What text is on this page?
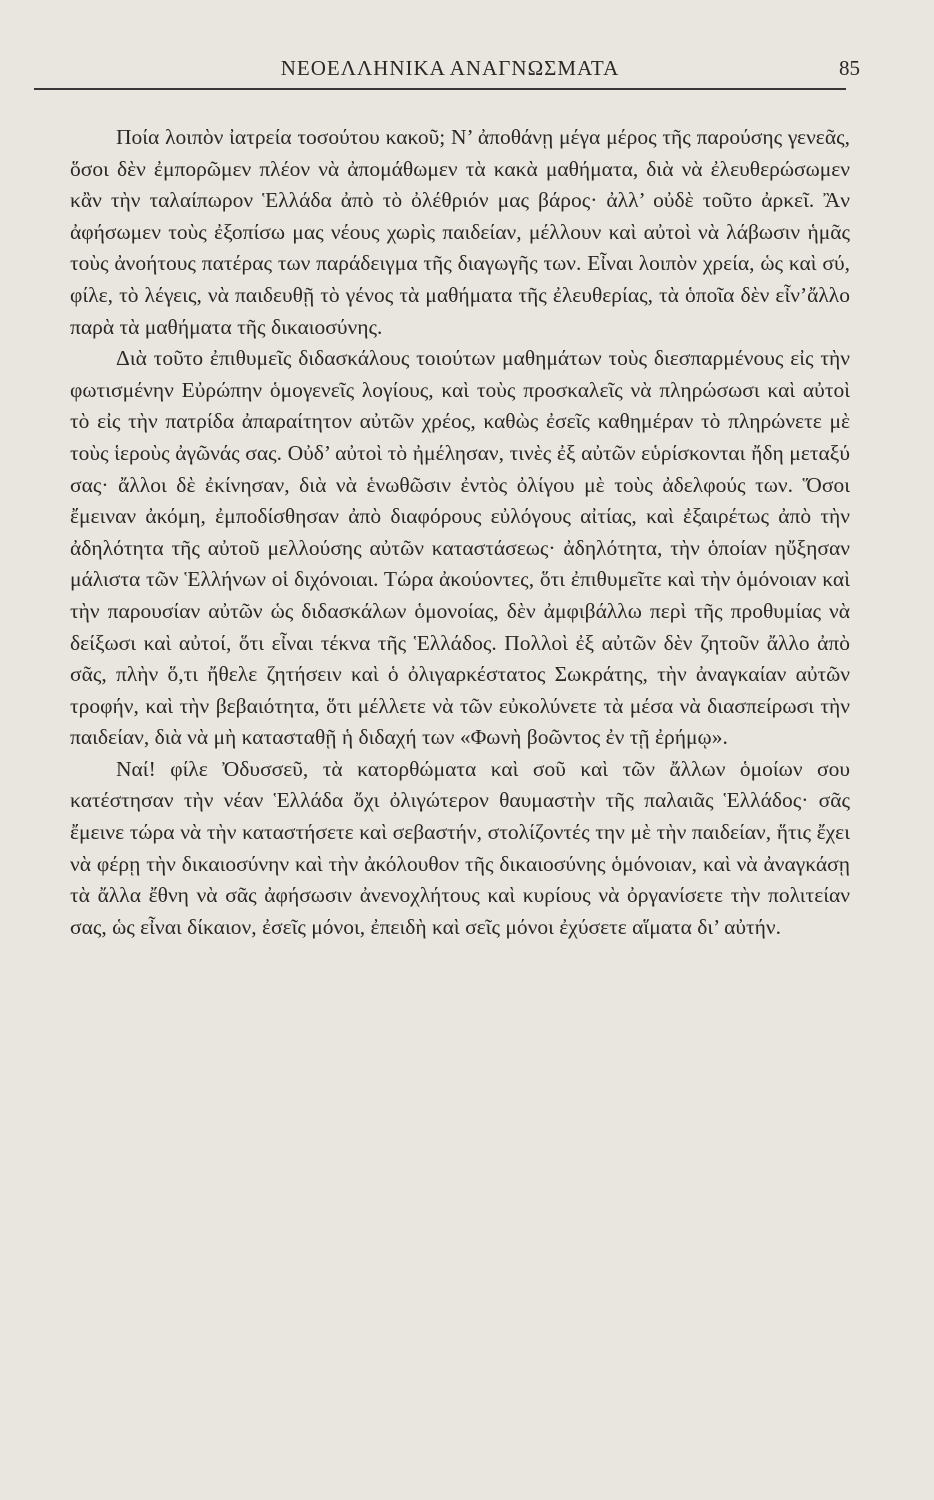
ΝΕΟΕΛΛΗΝΙΚΑ ΑΝΑΓΝΩΣΜΑΤΑ	85

Ποία λοιπὸν ἰατρεία τοσούτου κακοῦ; Ν’ ἀποθάνῃ μέγα μέρος τῆς παρούσης γενεᾶς, ὅσοι δὲν ἐμπορῶμεν πλέον νὰ ἀπομάθωμεν τὰ κακὰ μαθήματα, διὰ νὰ ἐλευθερώσωμεν κἂν τὴν ταλαίπωρον Ἑλλάδα ἀπὸ τὸ ὀλέθριόν μας βάρος· ἀλλ’ οὐδὲ τοῦτο ἀρκεῖ. Ἂν ἀφήσωμεν τοὺς ἐξοπίσω μας νέους χωρὶς παιδείαν, μέλλουν καὶ αὐτοὶ νὰ λάβωσιν ἡμᾶς τοὺς ἀνοήτους πατέρας των παράδειγμα τῆς διαγωγῆς των. Εἶναι λοιπὸν χρεία, ὡς καὶ σύ, φίλε, τὸ λέγεις, νὰ παιδευθῇ τὸ γένος τὰ μαθήματα τῆς ἐλευθερίας, τὰ ὁποῖα δὲν εἶν’ἄλλο παρὰ τὰ μαθήματα τῆς δικαιοσύνης.

Διὰ τοῦτο ἐπιθυμεῖς διδασκάλους τοιούτων μαθημάτων τοὺς διεσπαρμένους εἰς τὴν φωτισμένην Εὐρώπην ὁμογενεῖς λογίους, καὶ τοὺς προσκαλεῖς νὰ πληρώσωσι καὶ αὐτοὶ τὸ εἰς τὴν πατρίδα ἀπαραίτητον αὐτῶν χρέος, καθὼς ἐσεῖς καθημέραν τὸ πληρώνετε μὲ τοὺς ἱεροὺς ἀγῶνάς σας. Οὐδ’ αὐτοὶ τὸ ἠμέλησαν, τινὲς ἐξ αὐτῶν εὑρίσκονται ἤδη μεταξύ σας· ἄλλοι δὲ ἐκίνησαν, διὰ νὰ ἑνωθῶσιν ἐντὸς ὀλίγου μὲ τοὺς ἀδελφούς των. Ὅσοι ἔμειναν ἀκόμη, ἐμποδίσθησαν ἀπὸ διαφόρους εὐλόγους αἰτίας, καὶ ἐξαιρέτως ἀπὸ τὴν ἀδηλότητα τῆς αὐτοῦ μελλούσης αὐτῶν καταστάσεως· ἀδηλότητα, τὴν ὁποίαν ηὔξησαν μάλιστα τῶν Ἑλλήνων οἱ διχόνοιαι. Τώρα ἀκούοντες, ὅτι ἐπιθυμεῖτε καὶ τὴν ὁμόνοιαν καὶ τὴν παρουσίαν αὐτῶν ὡς διδασκάλων ὁμονοίας, δὲν ἀμφιβάλλω περὶ τῆς προθυμίας νὰ δείξωσι καὶ αὐτοί, ὅτι εἶναι τέκνα τῆς Ἑλλάδος. Πολλοὶ ἐξ αὐτῶν δὲν ζητοῦν ἄλλο ἀπὸ σᾶς, πλὴν ὅ,τι ἤθελε ζητήσειν καὶ ὁ ὀλιγαρκέστατος Σωκράτης, τὴν ἀναγκαίαν αὐτῶν τροφήν, καὶ τὴν βεβαιότητα, ὅτι μέλλετε νὰ τῶν εὐκολύνετε τὰ μέσα νὰ διασπείρωσι τὴν παιδείαν, διὰ νὰ μὴ κατασταθῇ ἡ διδαχή των «Φωνὴ βοῶντος ἐν τῇ ἐρήμῳ».

Ναί! φίλε Ὀδυσσεῦ, τὰ κατορθώματα καὶ σοῦ καὶ τῶν ἄλλων ὁμοίων σου κατέστησαν τὴν νέαν Ἑλλάδα ὄχι ὀλιγώτερον θαυμαστὴν τῆς παλαιᾶς Ἑλλάδος· σᾶς ἔμεινε τώρα νὰ τὴν καταστήσετε καὶ σεβαστήν, στολίζοντές την μὲ τὴν παιδείαν, ἥτις ἔχει νὰ φέρῃ τὴν δικαιοσύνην καὶ τὴν ἀκόλουθον τῆς δικαιοσύνης ὁμόνοιαν, καὶ νὰ ἀναγκάσῃ τὰ ἄλλα ἔθνη νὰ σᾶς ἀφήσωσιν ἀνενοχλήτους καὶ κυρίους νὰ ὀργανίσετε τὴν πολιτείαν σας, ὡς εἶναι δίκαιον, ἐσεῖς μόνοι, ἐπειδὴ καὶ σεῖς μόνοι ἐχύσετε αἵματα δι’ αὐτήν.
